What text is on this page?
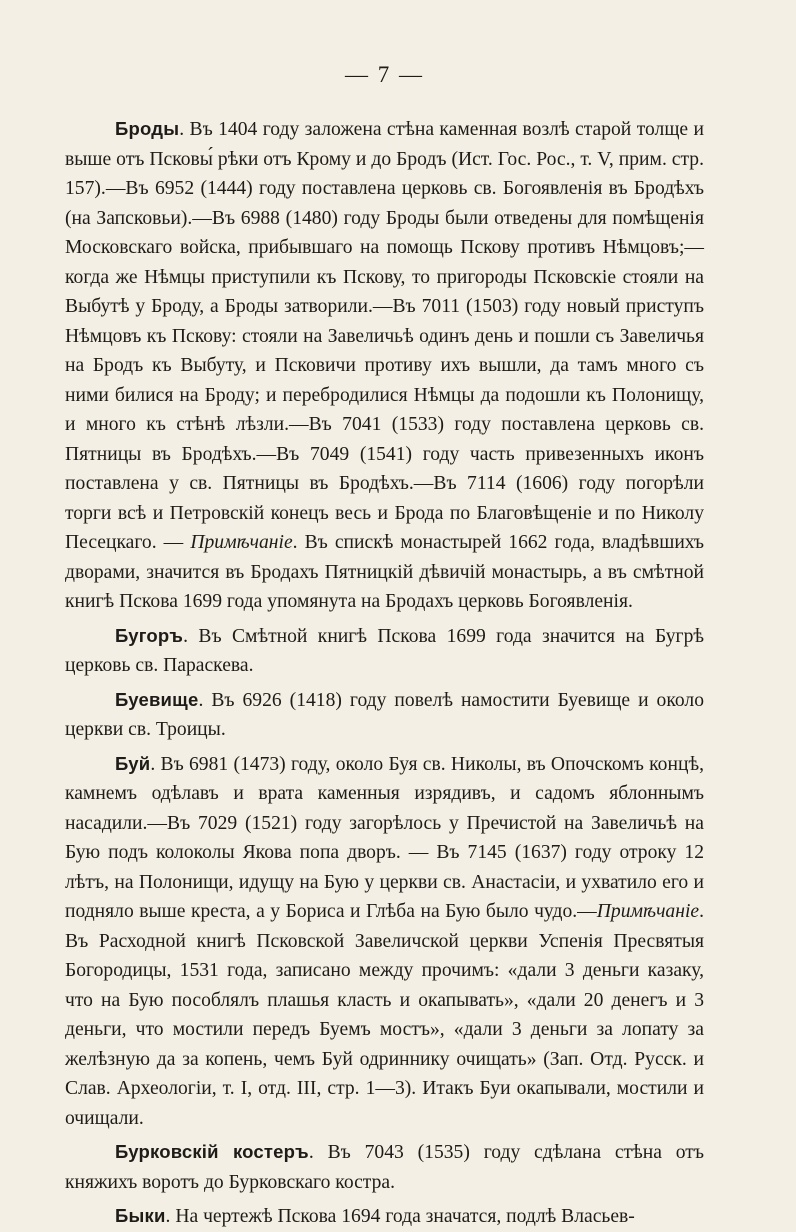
— 7 —

Броды. Въ 1404 году заложена стѣна каменная возлѣ старой толще и выше отъ Псковы́ рѣки отъ Крому и до Бродъ (Ист. Гос. Рос., т. V, прим. стр. 157).—Въ 6952 (1444) году поставлена церковь св. Богоявленія въ Бродѣхъ (на Запсковьи).—Въ 6988 (1480) году Броды были отведены для помѣщенія Московскаго войска, прибывшаго на помощь Пскову противъ Нѣмцовъ;—когда же Нѣмцы приступили къ Пскову, то пригороды Псковскіе стояли на Выбутѣ у Броду, а Броды затворили.—Въ 7011 (1503) году новый приступъ Нѣмцовъ къ Пскову: стояли на Завеличьѣ одинъ день и пошли съ Завеличья на Бродъ къ Выбуту, и Псковичи противу ихъ вышли, да тамъ много съ ними билися на Броду; и перебродилися Нѣмцы да подошли къ Полонищу, и много къ стѣнѣ лѣзли.—Въ 7041 (1533) году поставлена церковь св. Пятницы въ Бродѣхъ.—Въ 7049 (1541) году часть привезенныхъ иконъ поставлена у св. Пятницы въ Бродѣхъ.—Въ 7114 (1606) году погорѣли торги всѣ и Петровскій конецъ весь и Брода по Благовѣщеніе и по Николу Песецкаго. — Примѣчаніе. Въ спискѣ монастырей 1662 года, владѣвшихъ дворами, значится въ Бродахъ Пятницкій дѣвичій монастырь, а въ смѣтной книгѣ Пскова 1699 года упомянута на Бродахъ церковь Богоявленія.

Бугоръ. Въ Смѣтной книгѣ Пскова 1699 года значится на Бугрѣ церковь св. Параскева.

Буевище. Въ 6926 (1418) году повелѣ намостити Буевище и около церкви св. Троицы.

Буй. Въ 6981 (1473) году, около Буя св. Николы, въ Опочскомъ концѣ, камнемъ одѣлавъ и врата каменныя изрядивъ, и садомъ яблоннымъ насадили.—Въ 7029 (1521) году загорѣлось у Пречистой на Завеличьѣ на Бую подъ колоколы Якова попа дворъ. — Въ 7145 (1637) году отроку 12 лѣтъ, на Полонищи, идущу на Бую у церкви св. Анастасіи, и ухватило его и подняло выше креста, а у Бориса и Глѣба на Бую было чудо.—Примѣчаніе. Въ Расходной книгѣ Псковской Завеличской церкви Успенія Пресвятыя Богородицы, 1531 года, записано между прочимъ: «дали 3 деньги казаку, что на Бую пособлялъ плашья класть и окапывать», «дали 20 денегъ и 3 деньги, что мостили передъ Буемъ мостъ», «дали 3 деньги за лопату за желѣзную да за копень, чемъ Буй одриннику очищать» (Зап. Отд. Русск. и Слав. Археологіи, т. I, отд. III, стр. 1—3). Итакъ Буи окапывали, мостили и очищали.

Бурковскій костеръ. Въ 7043 (1535) году сдѣлана стѣна отъ княжихъ воротъ до Бурковскаго костра.

Быки. На чертежѣ Пскова 1694 года значатся, подлѣ Власьев-
